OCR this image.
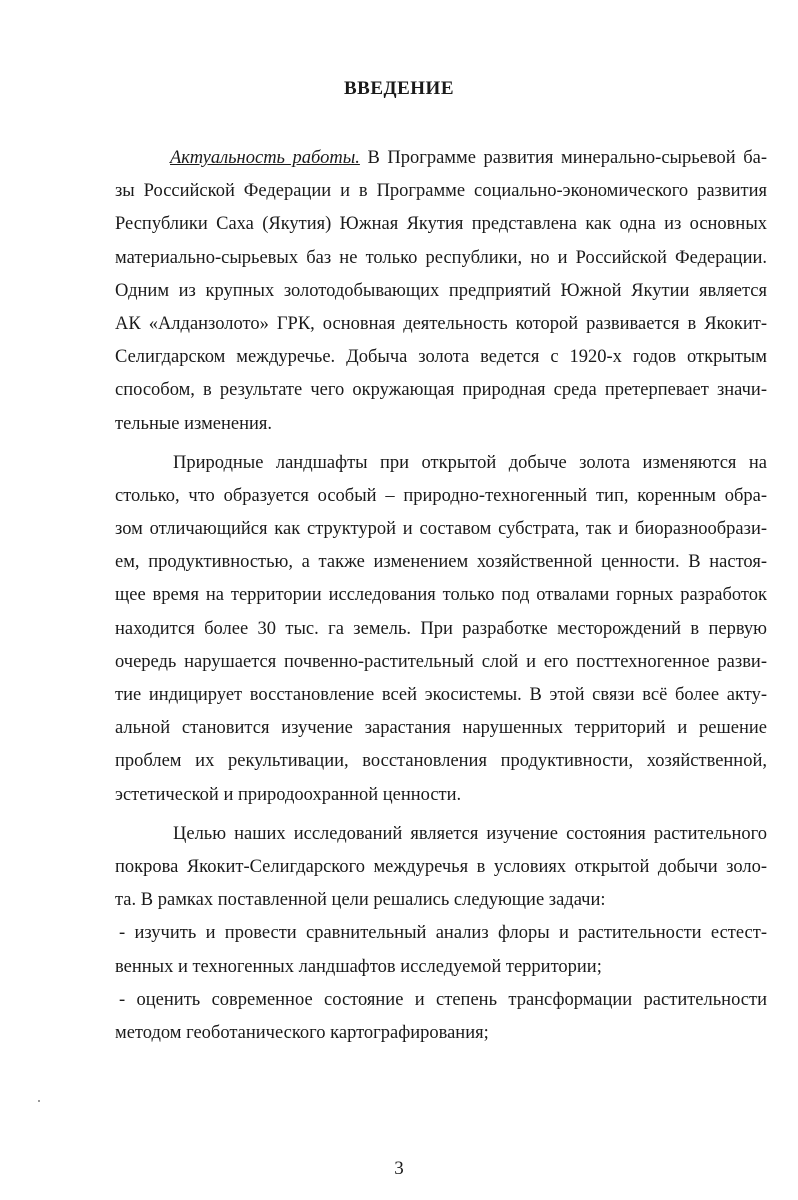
ВВЕДЕНИЕ
Актуальность работы. В Программе развития минерально-сырьевой ба-
зы Российской Федерации и в Программе социально-экономического развития
Республики Саха (Якутия) Южная Якутия представлена как одна из основных
материально-сырьевых баз не только республики, но и Российской Федерации.
Одним из крупных золотодобывающих предприятий Южной Якутии является
АК «Алданзолото» ГРК, основная деятельность которой развивается в Якокит-
Селигдарском междуречье. Добыча золота ведется с 1920-х годов открытым
способом, в результате чего окружающая природная среда претерпевает значи-
тельные изменения.
Природные ландшафты при открытой добыче золота изменяются на
столько, что образуется особый – природно-техногенный тип, коренным обра-
зом отличающийся как структурой и составом субстрата, так и биоразнообрази-
ем, продуктивностью, а также изменением хозяйственной ценности. В настоя-
щее время на территории исследования только под отвалами горных разработок
находится более 30 тыс. га земель. При разработке месторождений в первую
очередь нарушается почвенно-растительный слой и его посттехногенное разви-
тие индицирует восстановление всей экосистемы. В этой связи всё более акту-
альной становится изучение зарастания нарушенных территорий и решение
проблем их рекультивации, восстановления продуктивности, хозяйственной,
эстетической и природоохранной ценности.
Целью наших исследований является изучение состояния растительного
покрова Якокит-Селигдарского междуречья в условиях открытой добычи золо-
та. В рамках поставленной цели решались следующие задачи:
- изучить и провести сравнительный анализ флоры и растительности естест-
венных и техногенных ландшафтов исследуемой территории;
- оценить современное состояние и степень трансформации растительности
методом геоботанического картографирования;
3
